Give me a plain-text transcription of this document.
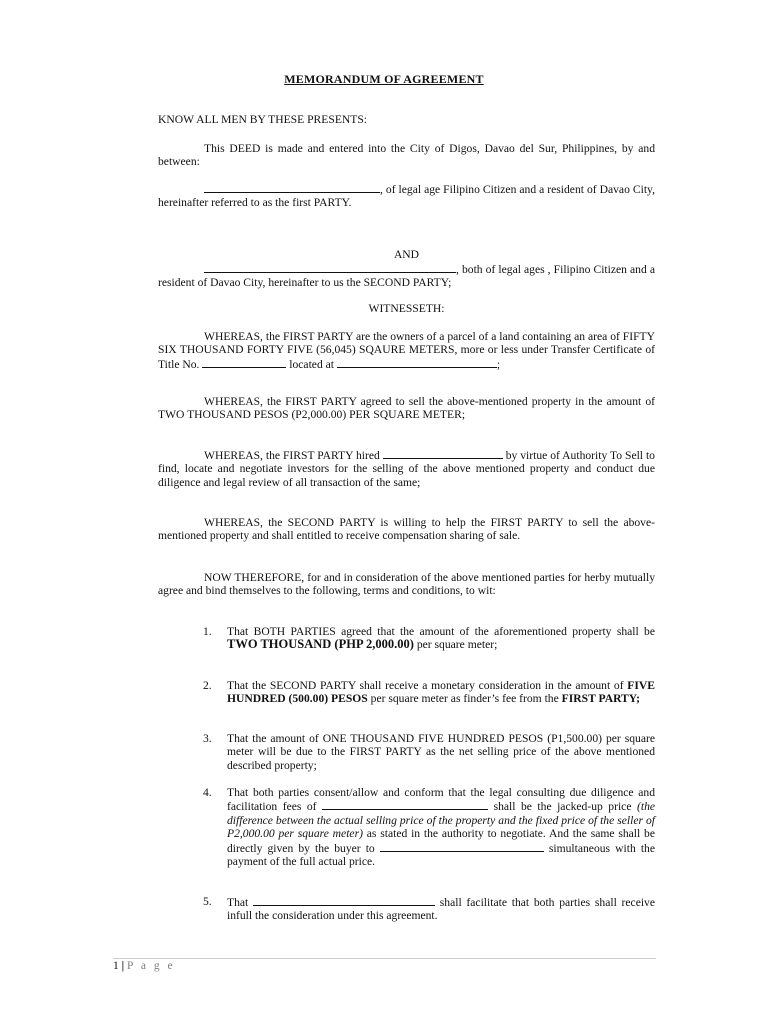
MEMORANDUM OF AGREEMENT
KNOW ALL MEN BY THESE PRESENTS:
This DEED is made and entered into the City of Digos, Davao del Sur, Philippines, by and between:
, of legal age Filipino Citizen and a resident of Davao City, hereinafter referred to as the first PARTY.
AND
, both of legal ages , Filipino Citizen and a resident of Davao City, hereinafter to us the SECOND PARTY;
WITNESSETH:
WHEREAS, the FIRST PARTY are the owners of a parcel of a land containing an area of FIFTY SIX THOUSAND FORTY FIVE (56,045) SQAURE METERS, more or less under Transfer Certificate of Title No.	located at	;
WHEREAS, the FIRST PARTY agreed to sell the above-mentioned property in the amount of TWO THOUSAND PESOS (P2,000.00) PER SQUARE METER;
WHEREAS, the FIRST PARTY hired	by virtue of Authority To Sell to find, locate and negotiate investors for the selling of the above mentioned property and conduct due diligence and legal review of all transaction of the same;
WHEREAS, the SECOND PARTY is willing to help the FIRST PARTY to sell the above-mentioned property and shall entitled to receive compensation sharing of sale.
NOW THEREFORE, for and in consideration of the above mentioned parties for herby mutually agree and bind themselves to the following, terms and conditions, to wit:
1.	That BOTH PARTIES agreed that the amount of the aforementioned property shall be TWO THOUSAND (PHP 2,000.00) per square meter;
2.	That the SECOND PARTY shall receive a monetary consideration in the amount of FIVE HUNDRED (500.00) PESOS per square meter as finder’s fee from the FIRST PARTY;
3.	That the amount of ONE THOUSAND FIVE HUNDRED PESOS (P1,500.00) per square meter will be due to the FIRST PARTY as the net selling price of the above mentioned described property;
4.	That both parties consent/allow and conform that the legal consulting due diligence and facilitation fees of	shall be the jacked-up price (the difference between the actual selling price of the property and the fixed price of the seller of P2,000.00 per square meter) as stated in the authority to negotiate. And the same shall be directly given by the buyer to	simultaneous with the payment of the full actual price.
5.	That	shall facilitate that both parties shall receive infull the consideration under this agreement.
1 | P a g e
